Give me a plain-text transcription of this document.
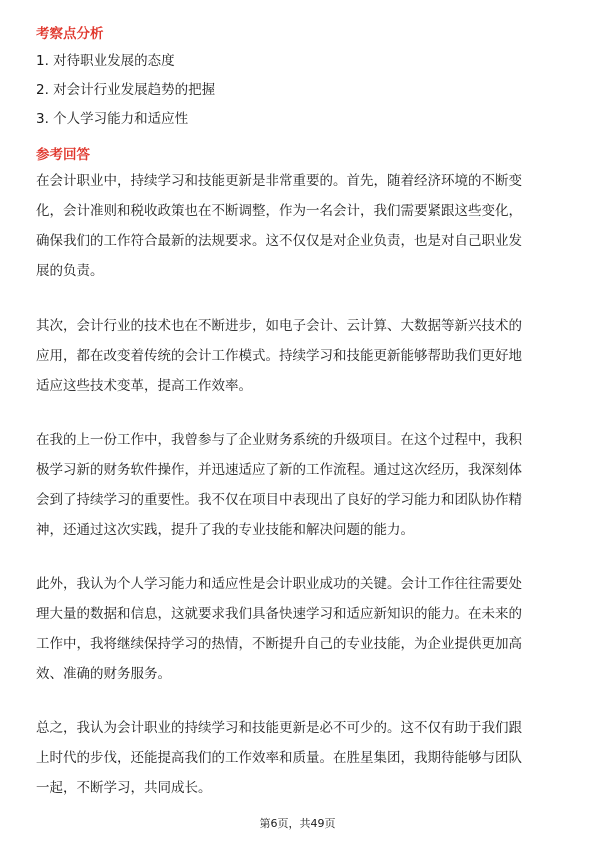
考察点分析
1. 对待职业发展的态度
2. 对会计行业发展趋势的把握
3. 个人学习能力和适应性
参考回答
在会计职业中，持续学习和技能更新是非常重要的。首先，随着经济环境的不断变
化，会计准则和税收政策也在不断调整，作为一名会计，我们需要紧跟这些变化，
确保我们的工作符合最新的法规要求。这不仅仅是对企业负责，也是对自己职业发
展的负责。
其次，会计行业的技术也在不断进步，如电子会计、云计算、大数据等新兴技术的
应用，都在改变着传统的会计工作模式。持续学习和技能更新能够帮助我们更好地
适应这些技术变革，提高工作效率。
在我的上一份工作中，我曾参与了企业财务系统的升级项目。在这个过程中，我积
极学习新的财务软件操作，并迅速适应了新的工作流程。通过这次经历，我深刻体
会到了持续学习的重要性。我不仅在项目中表现出了良好的学习能力和团队协作精
神，还通过这次实践，提升了我的专业技能和解决问题的能力。
此外，我认为个人学习能力和适应性是会计职业成功的关键。会计工作往往需要处
理大量的数据和信息，这就要求我们具备快速学习和适应新知识的能力。在未来的
工作中，我将继续保持学习的热情，不断提升自己的专业技能，为企业提供更加高
效、准确的财务服务。
总之，我认为会计职业的持续学习和技能更新是必不可少的。这不仅有助于我们跟
上时代的步伐，还能提高我们的工作效率和质量。在胜星集团，我期待能够与团队
一起，不断学习，共同成长。
第6页，共49页
